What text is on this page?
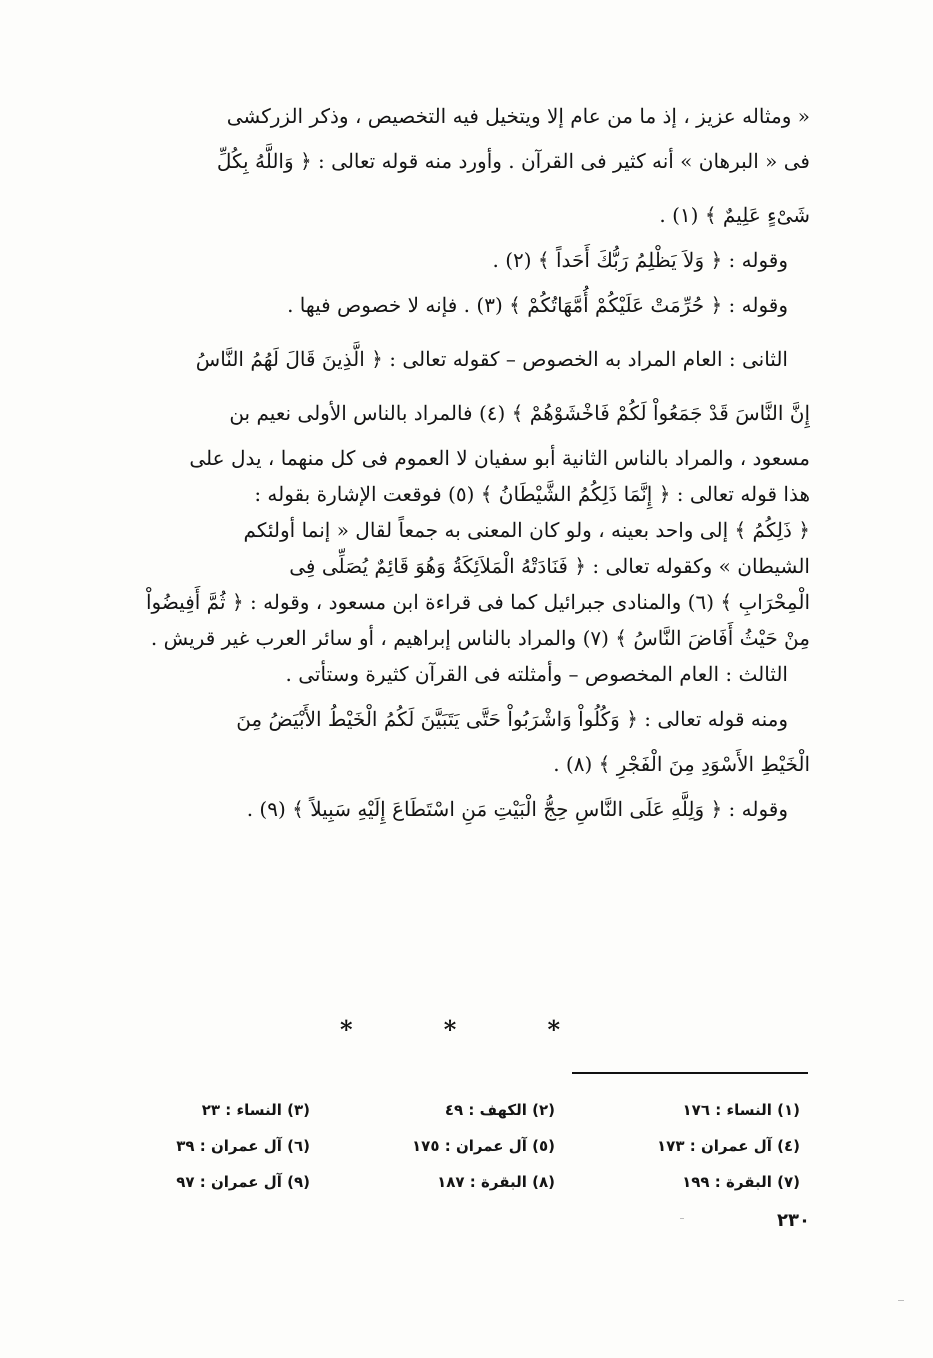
« ومثاله عزيز ، إذ ما من عام إلا ويتخيل فيه التخصيص ، وذكر الزركشى
فى « البرهان » أنه كثير فى القرآن . وأورد منه قوله تعالى : ﴿ وَاللَّهُ بِكُلِّ
شَىْءٍ عَلِيمٌ ﴾ (١) .
وقوله : ﴿ وَلاَ يَظْلِمُ رَبُّكَ أَحَداً ﴾ (٢) .
وقوله : ﴿ حُرِّمَتْ عَلَيْكُمْ أُمَّهَاتُكُمْ ﴾ (٣) . فإنه لا خصوص فيها .
الثانى : العام المراد به الخصوص – كقوله تعالى : ﴿ الَّذِينَ قَالَ لَهُمُ النَّاسُ
إِنَّ النَّاسَ قَدْ جَمَعُواْ لَكُمْ فَاخْشَوْهُمْ ﴾ (٤) فالمراد بالناس الأولى نعيم بن
مسعود ، والمراد بالناس الثانية أبو سفيان لا العموم فى كل منهما ، يدل على
هذا قوله تعالى : ﴿ إِنَّمَا ذَلِكُمُ الشَّيْطَانُ ﴾ (٥) فوقعت الإشارة بقوله :
﴿ ذَلِكُمُ ﴾ إلى واحد بعينه ، ولو كان المعنى به جمعاً لقال « إنما أولئكم
الشيطان » وكقوله تعالى : ﴿ فَنَادَتْهُ الْمَلاَئِكَةُ وَهُوَ قَائِمٌ يُصَلِّى فِى
الْمِحْرَابِ ﴾ (٦) والمنادى جبرائيل كما فى قراءة ابن مسعود ، وقوله : ﴿ ثُمَّ أَفِيضُواْ
مِنْ حَيْثُ أَفَاضَ النَّاسُ ﴾ (٧) والمراد بالناس إبراهيم ، أو سائر العرب غير قريش .
الثالث : العام المخصوص – وأمثلته فى القرآن كثيرة وستأتى .
ومنه قوله تعالى : ﴿ وَكُلُواْ وَاشْرَبُواْ حَتَّى يَتَبَيَّنَ لَكُمُ الْخَيْطُ الأَبْيَضُ مِنَ
الْخَيْطِ الأَسْوَدِ مِنَ الْفَجْرِ ﴾ (٨) .
وقوله : ﴿ وَلِلَّهِ عَلَى النَّاسِ حِجُّ الْبَيْتِ مَنِ اسْتَطَاعَ إِلَيْهِ سَبِيلاً ﴾ (٩) .
*	*	*
(١) النساء : ١٧٦
(٢) الكهف : ٤٩
(٣) النساء : ٢٣
(٤) آل عمران : ١٧٣
(٥) آل عمران : ١٧٥
(٦) آل عمران : ٣٩
(٧) البقرة : ١٩٩
(٨) البقرة : ١٨٧
(٩) آل عمران : ٩٧
٢٣٠
